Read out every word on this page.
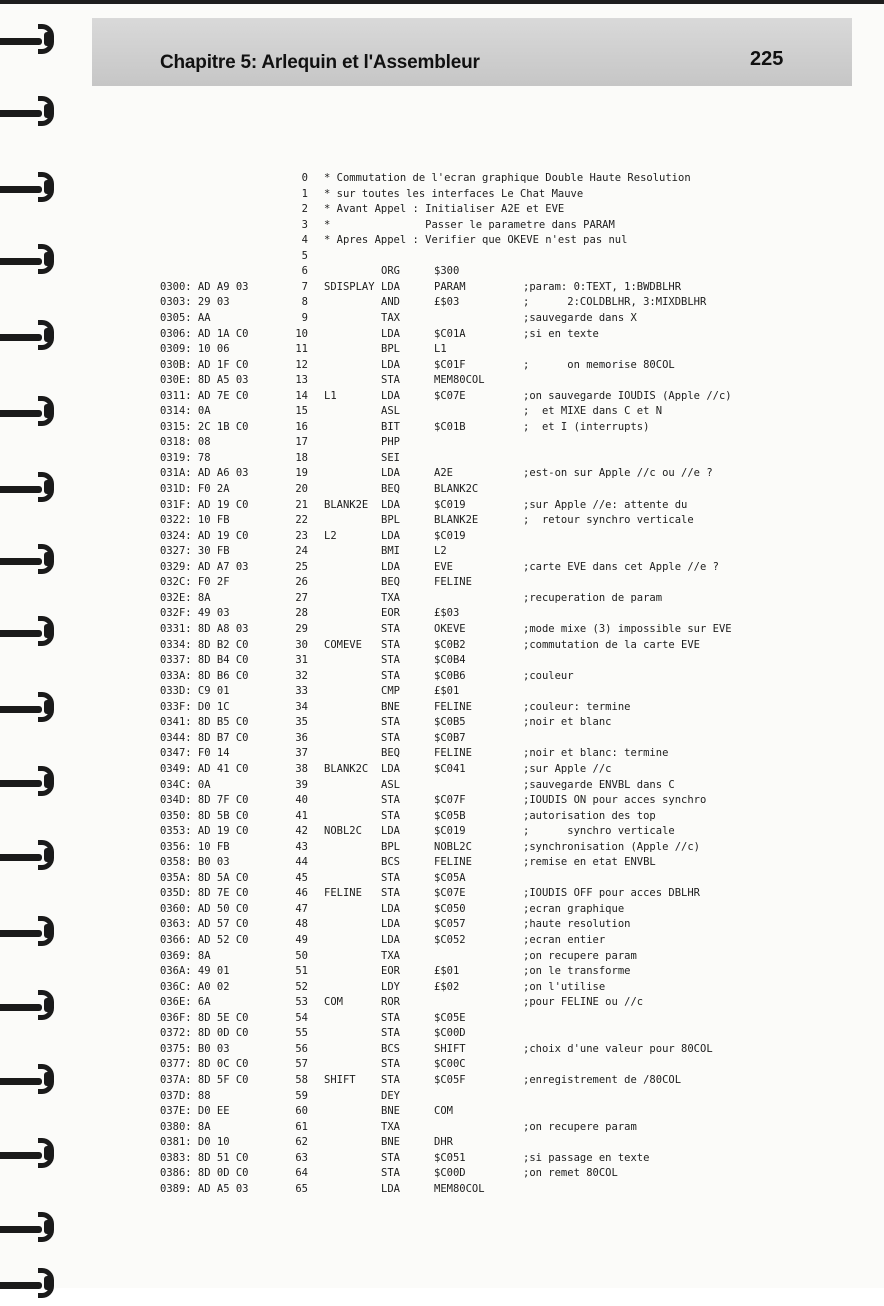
Chapitre 5: Arlequin et l'Assembleur	225
0 * Commutation de l'ecran graphique Double Haute Resolution
1 * sur toutes les interfaces Le Chat Mauve
2 * Avant Appel : Initialiser A2E et EVE
3 *               Passer le parametre dans PARAM
4 * Apres Appel : Verifier que OKEVE n'est pas nul
5
6	ORG	$300
0300: AD A9 03	7 SDISPLAY LDA	PARAM	;param: 0:TEXT, 1:BWDBLHR
0303: 29 03	8	AND	£$03	;      2:COLDBLHR, 3:MIXDBLHR
0305: AA	9	TAX	;sauvegarde dans X
0306: AD 1A C0	10	LDA	$C01A	;si en texte
0309: 10 06	11	BPL	L1
030B: AD 1F C0	12	LDA	$C01F	;      on memorise 80COL
030E: 8D A5 03	13	STA	MEM80COL
0311: AD 7E C0	14 L1	LDA	$C07E	;on sauvegarde IOUDIS (Apple //c)
0314: 0A	15	ASL	;  et MIXE dans C et N
0315: 2C 1B C0	16	BIT	$C01B	;  et I (interrupts)
0318: 08	17	PHP
0319: 78	18	SEI
031A: AD A6 03	19	LDA	A2E	;est-on sur Apple //c ou //e ?
031D: F0 2A	20	BEQ	BLANK2C
031F: AD 19 C0	21 BLANK2E LDA	$C019	;sur Apple //e: attente du
0322: 10 FB	22	BPL	BLANK2E	;  retour synchro verticale
0324: AD 19 C0	23 L2	LDA	$C019
0327: 30 FB	24	BMI	L2
0329: AD A7 03	25	LDA	EVE	;carte EVE dans cet Apple //e ?
032C: F0 2F	26	BEQ	FELINE
032E: 8A	27	TXA	;recuperation de param
032F: 49 03	28	EOR	£$03
0331: 8D A8 03	29	STA	OKEVE	;mode mixe (3) impossible sur EVE
0334: 8D B2 C0	30 COMEVE STA	$C0B2	;commutation de la carte EVE
0337: 8D B4 C0	31	STA	$C0B4
033A: 8D B6 C0	32	STA	$C0B6	;couleur
033D: C9 01	33	CMP	£$01
033F: D0 1C	34	BNE	FELINE	;couleur: termine
0341: 8D B5 C0	35	STA	$C0B5	;noir et blanc
0344: 8D B7 C0	36	STA	$C0B7
0347: F0 14	37	BEQ	FELINE	;noir et blanc: termine
0349: AD 41 C0	38 BLANK2C LDA	$C041	;sur Apple //c
034C: 0A	39	ASL	;sauvegarde ENVBL dans C
034D: 8D 7F C0	40	STA	$C07F	;IOUDIS ON pour acces synchro
0350: 8D 5B C0	41	STA	$C05B	;autorisation des top
0353: AD 19 C0	42 NOBL2C LDA	$C019	;      synchro verticale
0356: 10 FB	43	BPL	NOBL2C	;synchronisation (Apple //c)
0358: B0 03	44	BCS	FELINE	;remise en etat ENVBL
035A: 8D 5A C0	45	STA	$C05A
035D: 8D 7E C0	46 FELINE STA	$C07E	;IOUDIS OFF pour acces DBLHR
0360: AD 50 C0	47	LDA	$C050	;ecran graphique
0363: AD 57 C0	48	LDA	$C057	;haute resolution
0366: AD 52 C0	49	LDA	$C052	;ecran entier
0369: 8A	50	TXA	;on recupere param
036A: 49 01	51	EOR	£$01	;on le transforme
036C: A0 02	52	LDY	£$02	;on l'utilise
036E: 6A	53 COM	ROR	;pour FELINE ou //c
036F: 8D 5E C0	54	STA	$C05E
0372: 8D 0D C0	55	STA	$C00D
0375: B0 03	56	BCS	SHIFT	;choix d'une valeur pour 80COL
0377: 8D 0C C0	57	STA	$C00C
037A: 8D 5F C0	58 SHIFT STA	$C05F	;enregistrement de /80COL
037D: 88	59	DEY
037E: D0 EE	60	BNE	COM
0380: 8A	61	TXA	;on recupere param
0381: D0 10	62	BNE	DHR
0383: 8D 51 C0	63	STA	$C051	;si passage en texte
0386: 8D 0D C0	64	STA	$C00D	;on remet 80COL
0389: AD A5 03	65	LDA	MEM80COL
